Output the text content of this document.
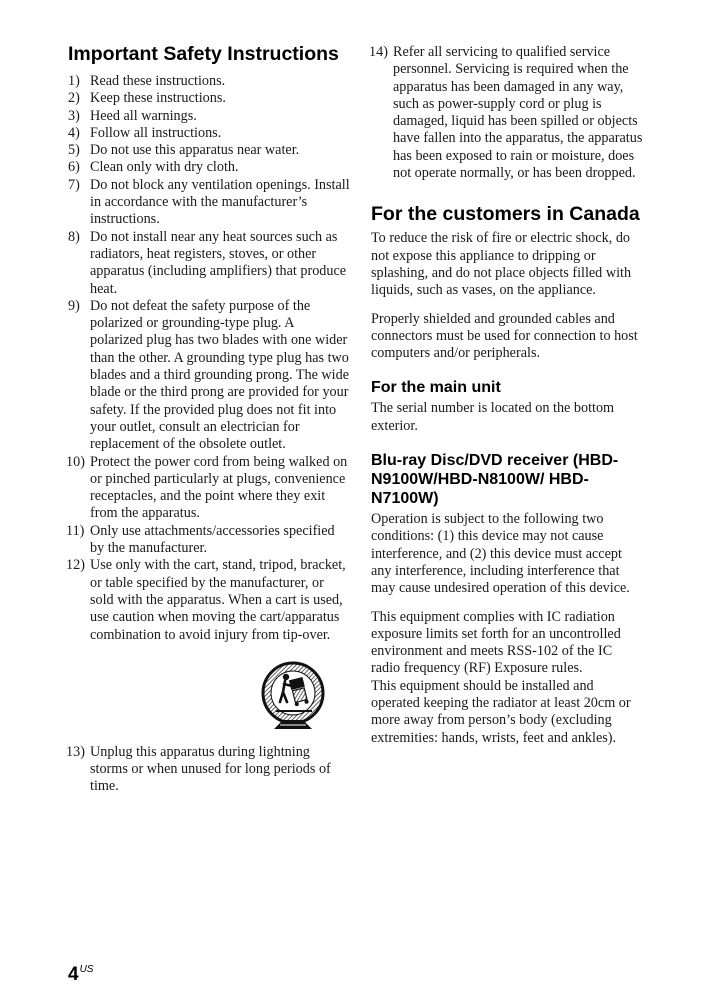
Important Safety Instructions
1) Read these instructions.
2) Keep these instructions.
3) Heed all warnings.
4) Follow all instructions.
5) Do not use this apparatus near water.
6) Clean only with dry cloth.
7) Do not block any ventilation openings. Install in accordance with the manufacturer’s instructions.
8) Do not install near any heat sources such as radiators, heat registers, stoves, or other apparatus (including amplifiers) that produce heat.
9) Do not defeat the safety purpose of the polarized or grounding-type plug. A polarized plug has two blades with one wider than the other. A grounding type plug has two blades and a third grounding prong. The wide blade or the third prong are provided for your safety. If the provided plug does not fit into your outlet, consult an electrician for replacement of the obsolete outlet.
10) Protect the power cord from being walked on or pinched particularly at plugs, convenience receptacles, and the point where they exit from the apparatus.
11) Only use attachments/accessories specified by the manufacturer.
12) Use only with the cart, stand, tripod, bracket, or table specified by the manufacturer, or sold with the apparatus. When a cart is used, use caution when moving the cart/apparatus combination to avoid injury from tip-over.
13) Unplug this apparatus during lightning storms or when unused for long periods of time.
14) Refer all servicing to qualified service personnel. Servicing is required when the apparatus has been damaged in any way, such as power-supply cord or plug is damaged, liquid has been spilled or objects have fallen into the apparatus, the apparatus has been exposed to rain or moisture, does not operate normally, or has been dropped.
For the customers in Canada

To reduce the risk of fire or electric shock, do not expose this appliance to dripping or splashing, and do not place objects filled with liquids, such as vases, on the appliance.

Properly shielded and grounded cables and connectors must be used for connection to host computers and/or peripherals.

For the main unit

The serial number is located on the bottom exterior.

Blu-ray Disc/DVD receiver (HBD-N9100W/HBD-N8100W/ HBD-N7100W)

Operation is subject to the following two conditions: (1) this device may not cause interference, and (2) this device must accept any interference, including interference that may cause undesired operation of this device.

This equipment complies with IC radiation exposure limits set forth for an uncontrolled environment and meets RSS-102 of the IC radio frequency (RF) Exposure rules.

This equipment should be installed and operated keeping the radiator at least 20cm or more away from person’s body (excluding extremities: hands, wrists, feet and ankles).

$4^{US}$
